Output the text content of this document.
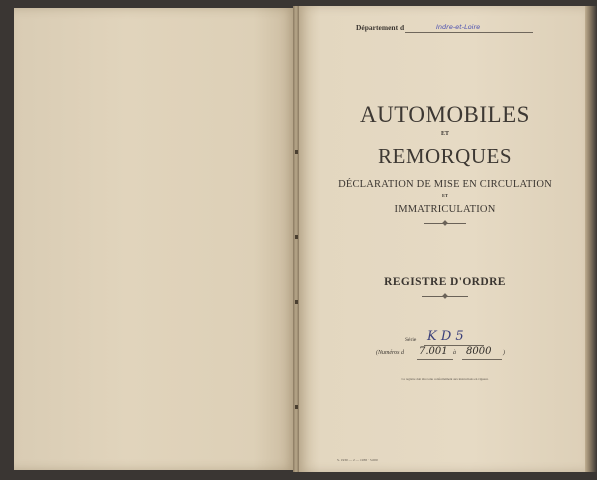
Département d	Indre-et-Loire
AUTOMOBILES
ET
REMORQUES
DÉCLARATION DE MISE EN CIRCULATION
ET
IMMATRICULATION
REGISTRE D'ORDRE
Série K D 5
(Numéros d 7.001 à 8000 )
Ce registre doit être tenu conformément aux instructions en vigueur.
S. 1930 — 2 — 1938 · 5.000
